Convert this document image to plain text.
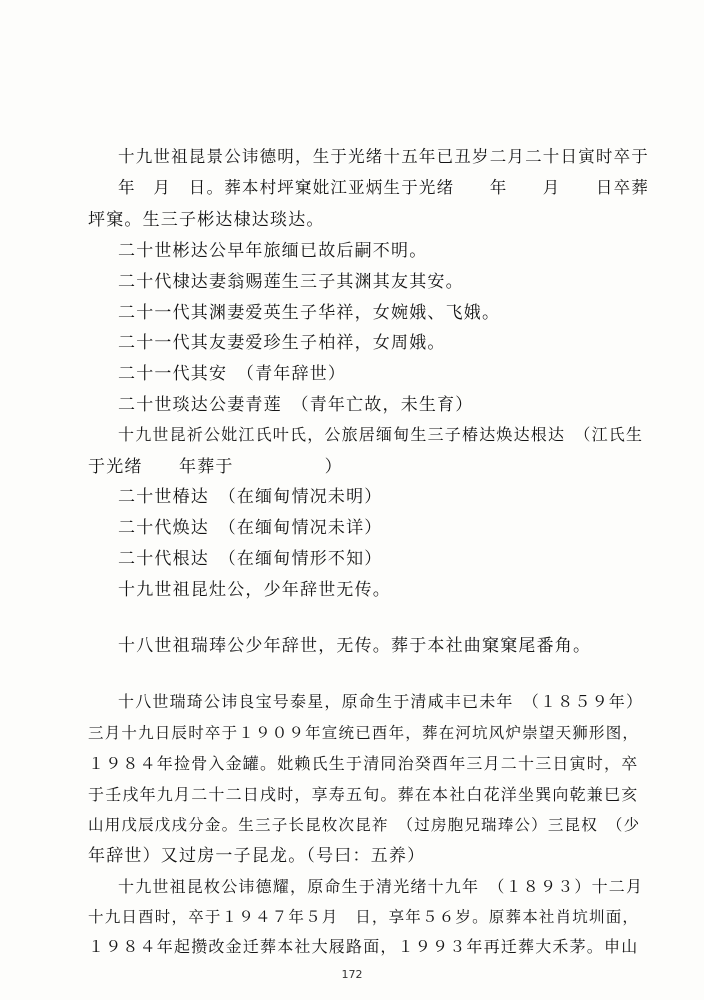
十九世祖昆景公讳德明，生于光绪十五年已丑岁二月二十日寅时卒于
年　月　日。葬本村坪窠妣江亚炳生于光绪　　年　　月　　日卒葬
坪窠。生三子彬达棣达琰达。
二十世彬达公早年旅缅已故后嗣不明。
二十代棣达妻翁赐莲生三子其渊其友其安。
二十一代其渊妻爱英生子华祥，女婉娥、飞娥。
二十一代其友妻爱珍生子柏祥，女周娥。
二十一代其安　（青年辞世）
二十世琰达公妻青莲　（青年亡故，未生育）
十九世昆祈公妣江氏叶氏，公旅居缅甸生三子椿达焕达根达　（江氏生
于光绪　　年葬于　　　　　）
二十世椿达　（在缅甸情况未明）
二十代焕达　（在缅甸情况未详）
二十代根达　（在缅甸情形不知）
十九世祖昆灶公，少年辞世无传。
十八世祖瑞琫公少年辞世，无传。葬于本社曲窠窠尾番角。
十八世瑞琦公讳良宝号泰星，原命生于清咸丰已未年　（１８５９年）
三月十九日辰时卒于１９０９年宣统已酉年，葬在河坑风炉崇望天狮形图，
１９８４年捡骨入金罐。妣赖氏生于清同治癸酉年三月二十三日寅时，卒
于壬戌年九月二十二日戌时，享寿五旬。葬在本社白花洋坐巽向乾兼巳亥
山用戊辰戊戌分金。生三子长昆枚次昆祚　（过房胞兄瑞琫公）三昆权　（少
年辞世）又过房一子昆龙。（号曰：五养）
十九世祖昆枚公讳德耀，原命生于清光绪十九年　（１８９３）十二月
十九日酉时，卒于１９４７年５月　日，享年５６岁。原葬本社肖坑圳面，
１９８４年起攒改金迁葬本社大屐路面，１９９３年再迁葬大禾茅。申山
172
